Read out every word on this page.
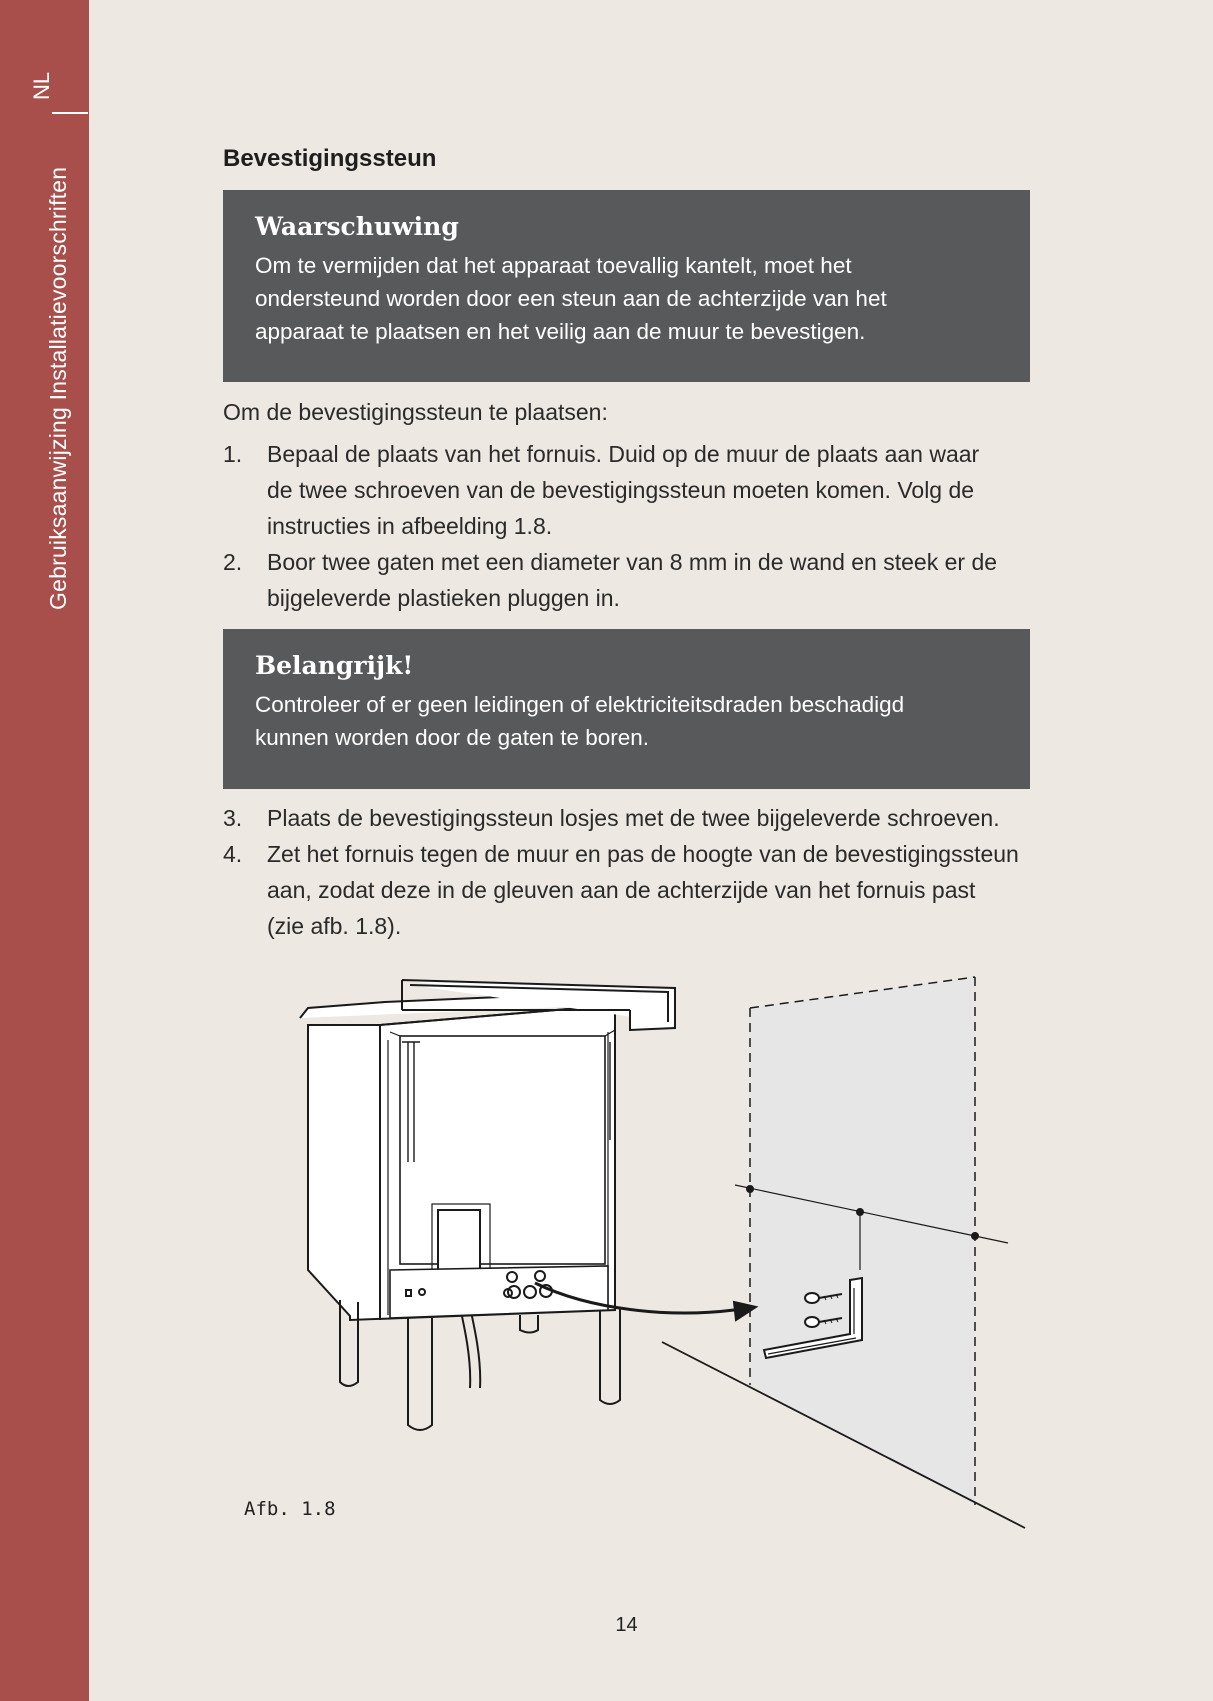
NL
Gebruiksaanwijzing Installatievoorschriften
Bevestigingssteun
Waarschuwing
Om te vermijden dat het apparaat toevallig kantelt, moet het
ondersteund worden door een steun aan de achterzijde van het
apparaat te plaatsen en het veilig aan de muur te bevestigen.
Om de bevestigingssteun te plaatsen:
1. Bepaal de plaats van het fornuis. Duid op de muur de plaats aan waar
de twee schroeven van de bevestigingssteun moeten komen. Volg de
instructies in afbeelding 1.8.
2. Boor twee gaten met een diameter van 8 mm in de wand en steek er de
bijgeleverde plastieken pluggen in.
Belangrijk!
Controleer of er geen leidingen of elektriciteitsdraden beschadigd
kunnen worden door de gaten te boren.
3. Plaats de bevestigingssteun losjes met de twee bijgeleverde schroeven.
4. Zet het fornuis tegen de muur en pas de hoogte van de bevestigingssteun
aan, zodat deze in de gleuven aan de achterzijde van het fornuis past
(zie afb. 1.8).
Afb. 1.8
14
